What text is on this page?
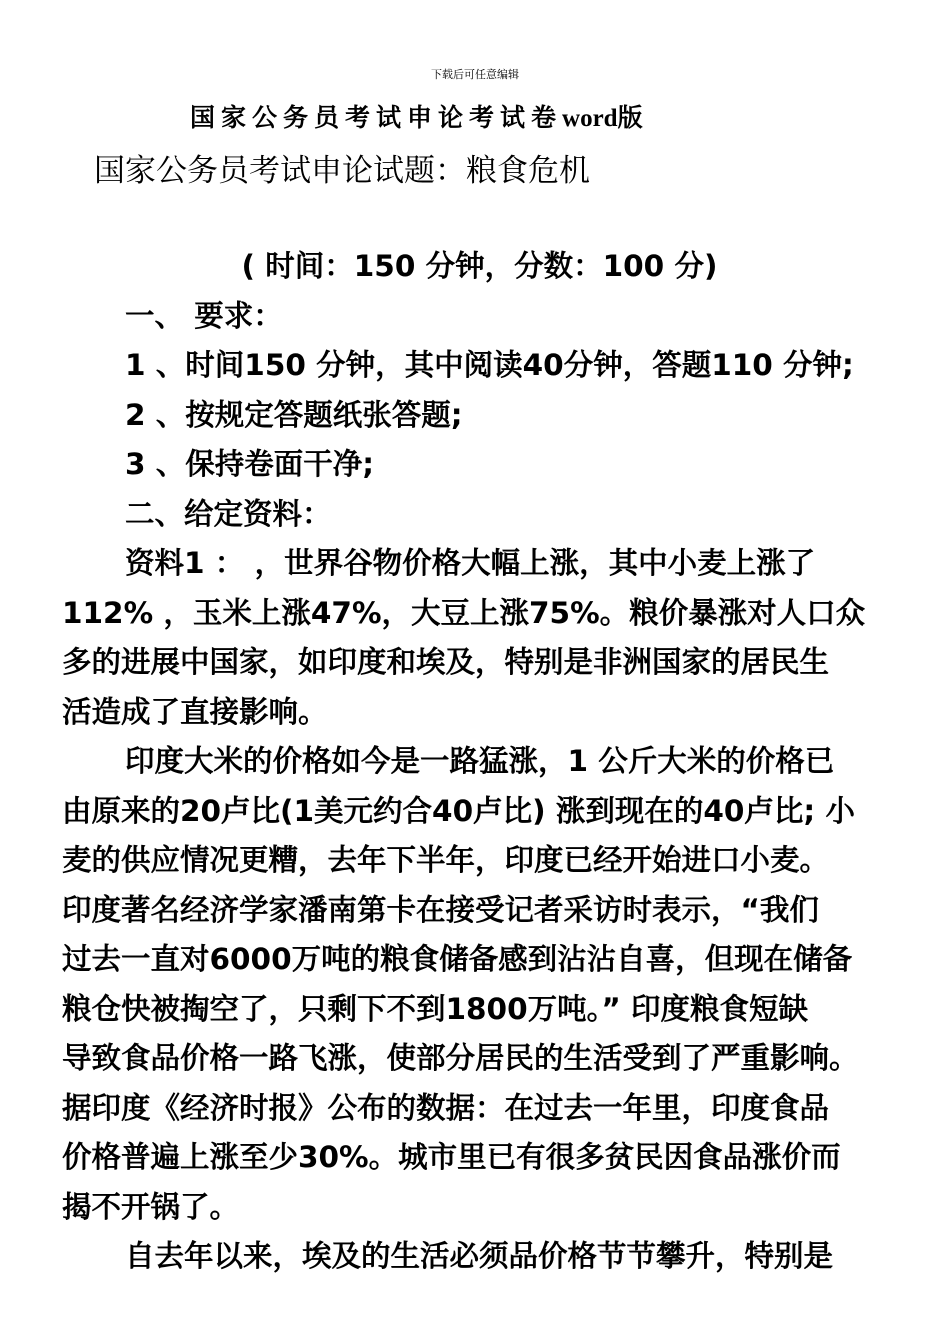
下载后可任意编辑
国家公务员考试申论考试卷word版
国家公务员考试申论试题：粮食危机
( 时间：150 分钟，分数：100 分)
一、 要求：
1 、时间150 分钟，其中阅读40分钟，答题110 分钟;
2 、按规定答题纸张答题;
3 、保持卷面干净;
二、给定资料：
资料1 ： ，世界谷物价格大幅上涨，其中小麦上涨了
112% ，玉米上涨47%，大豆上涨75%。粮价暴涨对人口众
多的进展中国家，如印度和埃及，特别是非洲国家的居民生
活造成了直接影响。
印度大米的价格如今是一路猛涨，1 公斤大米的价格已
由原来的20卢比(1美元约合40卢比) 涨到现在的40卢比; 小
麦的供应情况更糟，去年下半年，印度已经开始进口小麦。
印度著名经济学家潘南第卡在接受记者采访时表示，“我们
过去一直对6000万吨的粮食储备感到沾沾自喜，但现在储备
粮仓快被掏空了，只剩下不到1800万吨。” 印度粮食短缺
导致食品价格一路飞涨，使部分居民的生活受到了严重影响。
据印度《经济时报》公布的数据：在过去一年里，印度食品
价格普遍上涨至少30%。城市里已有很多贫民因食品涨价而
揭不开锅了。
自去年以来，埃及的生活必须品价格节节攀升，特别是
